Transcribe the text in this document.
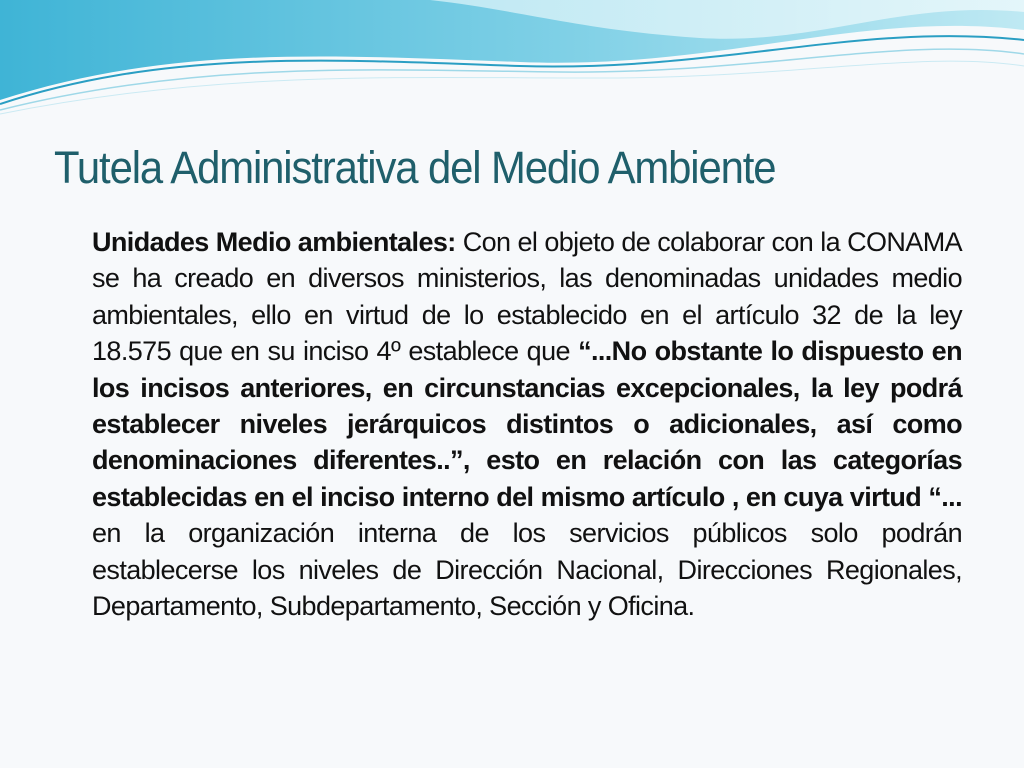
Tutela Administrativa del Medio Ambiente

Unidades Medio ambientales: Con el objeto de colaborar con la CONAMA se ha creado en diversos ministerios, las denominadas unidades medio ambientales, ello en virtud de lo establecido en el artículo 32 de la ley 18.575 que en su inciso 4º establece que “...No obstante lo dispuesto en los incisos anteriores, en circunstancias excepcionales, la ley podrá establecer niveles jerárquicos distintos o adicionales, así como denominaciones diferentes..”, esto en relación con las categorías establecidas en el inciso interno del mismo artículo , en cuya virtud “... en la organización interna de los servicios públicos solo podrán establecerse los niveles de Dirección Nacional, Direcciones Regionales, Departamento, Subdepartamento, Sección y Oficina.
